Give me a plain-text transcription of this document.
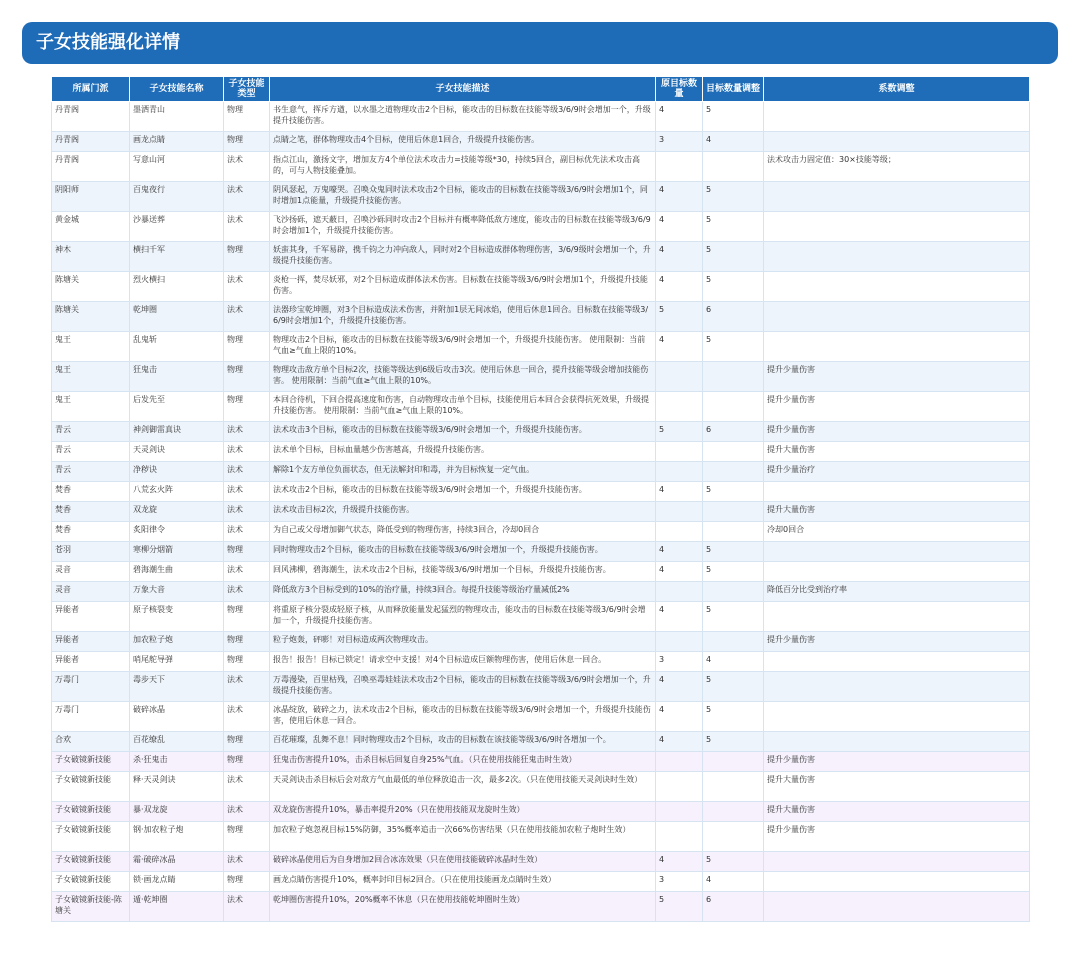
子女技能强化详情
所属门派	子女技能名称	子女技能类型	子女技能描述	原目标数量	目标数量调整	系数调整
丹青阁	墨洒青山	物理	书生意气，挥斥方遒，以水墨之道物理攻击2个目标，能攻击的目标数在技能等级3/6/9时会增加一个，升级提升技能伤害。	4	5	
丹青阁	画龙点睛	物理	点睛之笔，群体物理攻击4个目标，使用后休息1回合，升级提升技能伤害。	3	4	
丹青阁	写意山河	法术	指点江山，激扬文字，增加友方4个单位法术攻击力=技能等级*30，持续5回合，副目标优先法术攻击高的，可与人物技能叠加。			法术攻击力固定值：30×技能等级；
阴阳师	百鬼夜行	法术	阴风瑟起，万鬼嚎哭。召唤众鬼同时法术攻击2个目标，能攻击的目标数在技能等级3/6/9时会增加1个，同时增加1点能量，升级提升技能伤害。	4	5	
黄金城	沙暴送葬	法术	飞沙扬砾，遮天蔽日，召唤沙砾同时攻击2个目标并有概率降低敌方速度，能攻击的目标数在技能等级3/6/9时会增加1个，升级提升技能伤害。	4	5	
神木	横扫千军	物理	妖蛮其身，千军易辟，携千钧之力冲向敌人，同时对2个目标造成群体物理伤害，3/6/9级时会增加一个，升级提升技能伤害。	4	5	
陈塘关	烈火横扫	法术	炎枪一挥，焚尽妖邪，对2个目标造成群体法术伤害。目标数在技能等级3/6/9时会增加1个，升级提升技能伤害。	4	5	
陈塘关	乾坤圈	法术	法器珍宝乾坤圈，对3个目标造成法术伤害，并附加1层无间冰焰，使用后休息1回合。目标数在技能等级3/6/9时会增加1个，升级提升技能伤害。	5	6	
鬼王	乱鬼斩	物理	物理攻击2个目标，能攻击的目标数在技能等级3/6/9时会增加一个，升级提升技能伤害。 使用限制：当前气血≥气血上限的10%。	4	5	
鬼王	狂鬼击	物理	物理攻击敌方单个目标2次，技能等级达到6级后攻击3次。使用后休息一回合，提升技能等级会增加技能伤害。 使用限制：当前气血≥气血上限的10%。			提升少量伤害
鬼王	后发先至	物理	本回合待机，下回合提高速度和伤害，自动物理攻击单个目标，技能使用后本回合会获得抗死效果，升级提升技能伤害。 使用限制：当前气血≥气血上限的10%。			提升少量伤害
青云	神剑御雷真诀	法术	法术攻击3个目标，能攻击的目标数在技能等级3/6/9时会增加一个，升级提升技能伤害。	5	6	提升少量伤害
青云	天灵剑诀	法术	法术单个目标，目标血量越少伤害越高，升级提升技能伤害。			提升大量伤害
青云	净秽诀	法术	解除1个友方单位负面状态，但无法解封印和毒，并为目标恢复一定气血。			提升少量治疗
焚香	八荒玄火阵	法术	法术攻击2个目标，能攻击的目标数在技能等级3/6/9时会增加一个，升级提升技能伤害。	4	5	
焚香	双龙旋	法术	法术攻击目标2次，升级提升技能伤害。			提升大量伤害
焚香	炙阳律令	法术	为自己或父母增加御气状态，降低受到的物理伤害，持续3回合，冷却0回合			冷却0回合
苍羽	寒柳分烟箭	物理	同时物理攻击2个目标，能攻击的目标数在技能等级3/6/9时会增加一个，升级提升技能伤害。	4	5	
灵音	碧海潮生曲	法术	回风沸柳，碧海潮生，法术攻击2个目标，技能等级3/6/9时增加一个目标，升级提升技能伤害。	4	5	
灵音	万象大音	法术	降低敌方3个目标受到的10%的治疗量，持续3回合。每提升技能等级治疗量减低2%			降低百分比受到治疗率
异能者	原子核裂变	物理	将重原子核分裂成轻原子核，从而释放能量发起猛烈的物理攻击，能攻击的目标数在技能等级3/6/9时会增加一个，升级提升技能伤害。	4	5	
异能者	加农粒子炮	物理	粒子炮轰，砰嘭！对目标造成两次物理攻击。			提升少量伤害
异能者	哨尾舵导弹	物理	报告！报告！目标已锁定！请求空中支援！对4个目标造成巨额物理伤害，使用后休息一回合。	3	4	
万毒门	毒步天下	法术	万毒漫染，百里枯残，召唤巫毒娃娃法术攻击2个目标，能攻击的目标数在技能等级3/6/9时会增加一个，升级提升技能伤害。	4	5	
万毒门	破碎冰晶	法术	冰晶绽放，破碎之力，法术攻击2个目标，能攻击的目标数在技能等级3/6/9时会增加一个，升级提升技能伤害，使用后休息一回合。	4	5	
合欢	百花缭乱	物理	百花璀璨，乱舞不息！同时物理攻击2个目标，攻击的目标数在该技能等级3/6/9时各增加一个。	4	5	
子女破镜新技能	杀·狂鬼击	物理	狂鬼击伤害提升10%，击杀目标后回复自身25%气血。（只在使用技能狂鬼击时生效）			提升少量伤害
子女破镜新技能	释·天灵剑诀	法术	天灵剑诀击杀目标后会对敌方气血最低的单位释放追击一次，最多2次。（只在使用技能天灵剑诀时生效）			提升大量伤害
子女破镜新技能	暴·双龙旋	法术	双龙旋伤害提升10%，暴击率提升20%（只在使用技能双龙旋时生效）			提升大量伤害
子女破镜新技能	钢·加农粒子炮	物理	加农粒子炮忽视目标15%防御，35%概率追击一次66%伤害结果（只在使用技能加农粒子炮时生效）			提升少量伤害
子女破镜新技能	霜·破碎冰晶	法术	破碎冰晶使用后为自身增加2回合冰冻效果（只在使用技能破碎冰晶时生效）	4	5	
子女破镜新技能	锁·画龙点睛	物理	画龙点睛伤害提升10%，概率封印目标2回合。（只在使用技能画龙点睛时生效）	3	4	
子女破镜新技能-陈塘关	遁·乾坤圈	法术	乾坤圈伤害提升10%，20%概率不休息（只在使用技能乾坤圈时生效）	5	6	
